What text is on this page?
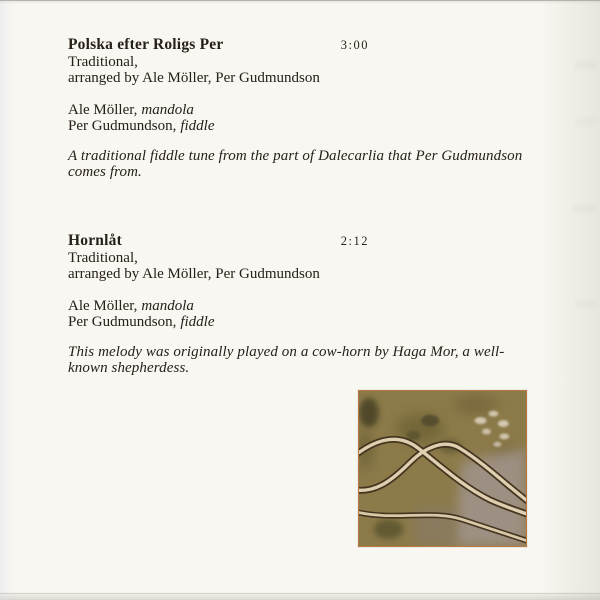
Polska efter Roligs Per	3:00
Traditional,
arranged by Ale Möller, Per Gudmundson
Ale Möller, mandola
Per Gudmundson, fiddle
A traditional fiddle tune from the part of Dalecarlia that Per Gudmundson comes from.
Hornlåt	2:12
Traditional,
arranged by Ale Möller, Per Gudmundson
Ale Möller, mandola
Per Gudmundson, fiddle
This melody was originally played on a cow-horn by Haga Mor, a well-known shepherdess.
